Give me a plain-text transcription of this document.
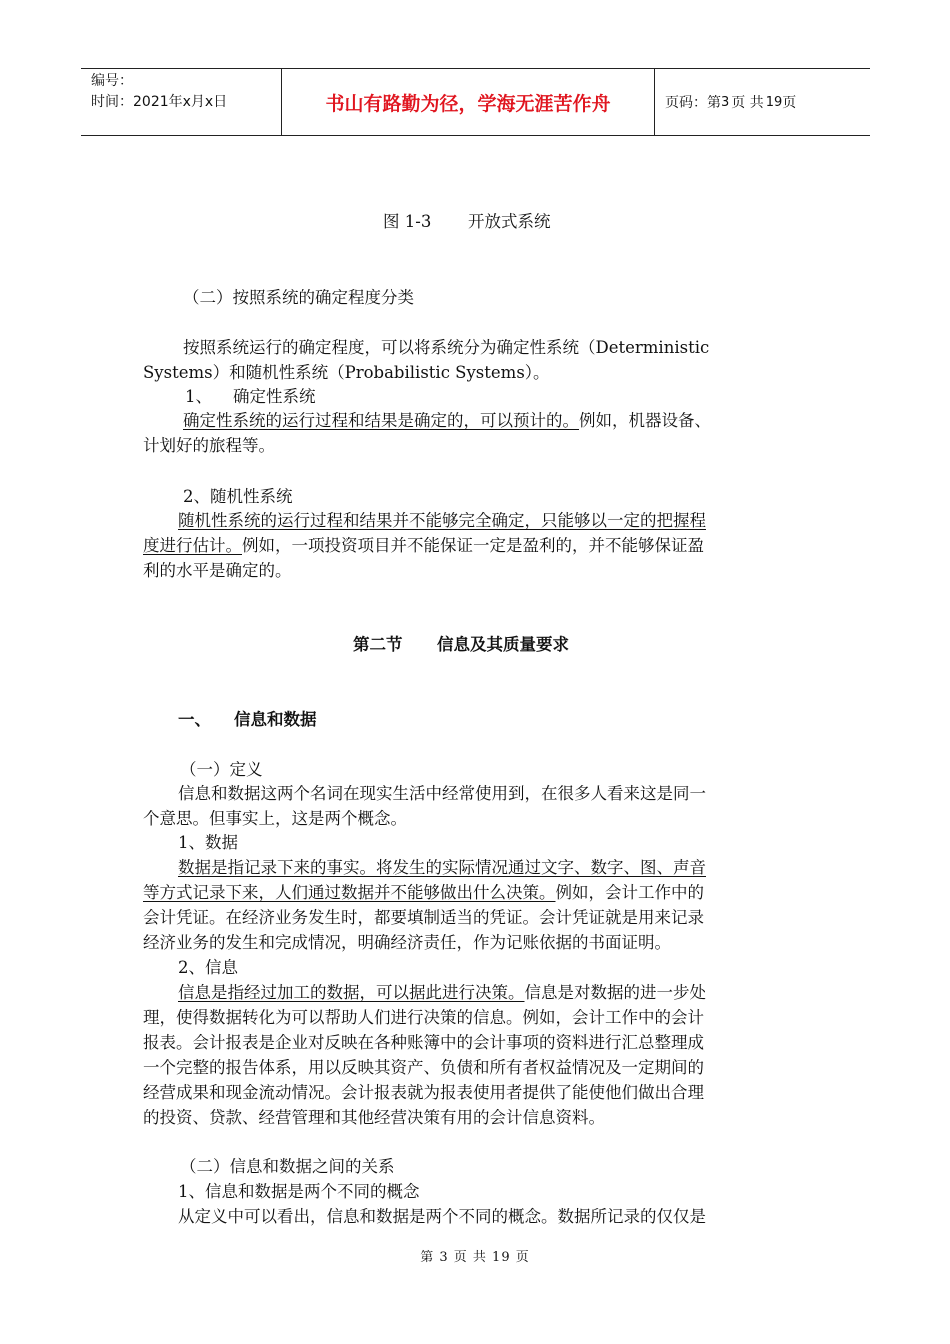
编号：
时间：2021年x月x日	书山有路勤为径，学海无涯苦作舟	页码：第 3 页 共 19 页
图 1-3       开放式系统
（二）按照系统的确定程度分类
按照系统运行的确定程度，可以将系统分为确定性系统（Deterministic
Systems）和随机性系统（Probabilistic Systems）。
1、    确定性系统
确定性系统的运行过程和结果是确定的，可以预计的。例如，机器设备、
计划好的旅程等。
2、随机性系统
随机性系统的运行过程和结果并不能够完全确定，只能够以一定的把握程
度进行估计。例如，一项投资项目并不能保证一定是盈利的，并不能够保证盈
利的水平是确定的。
第二节      信息及其质量要求
一、    信息和数据
（一）定义
信息和数据这两个名词在现实生活中经常使用到，在很多人看来这是同一
个意思。但事实上，这是两个概念。
1、数据
数据是指记录下来的事实。将发生的实际情况通过文字、数字、图、声音
等方式记录下来，人们通过数据并不能够做出什么决策。例如，会计工作中的
会计凭证。在经济业务发生时，都要填制适当的凭证。会计凭证就是用来记录
经济业务的发生和完成情况，明确经济责任，作为记账依据的书面证明。
2、信息
信息是指经过加工的数据，可以据此进行决策。信息是对数据的进一步处
理，使得数据转化为可以帮助人们进行决策的信息。例如，会计工作中的会计
报表。会计报表是企业对反映在各种账簿中的会计事项的资料进行汇总整理成
一个完整的报告体系，用以反映其资产、负债和所有者权益情况及一定期间的
经营成果和现金流动情况。会计报表就为报表使用者提供了能使他们做出合理
的投资、贷款、经营管理和其他经营决策有用的会计信息资料。
（二）信息和数据之间的关系
1、信息和数据是两个不同的概念
从定义中可以看出，信息和数据是两个不同的概念。数据所记录的仅仅是
第 3 页 共 19 页
